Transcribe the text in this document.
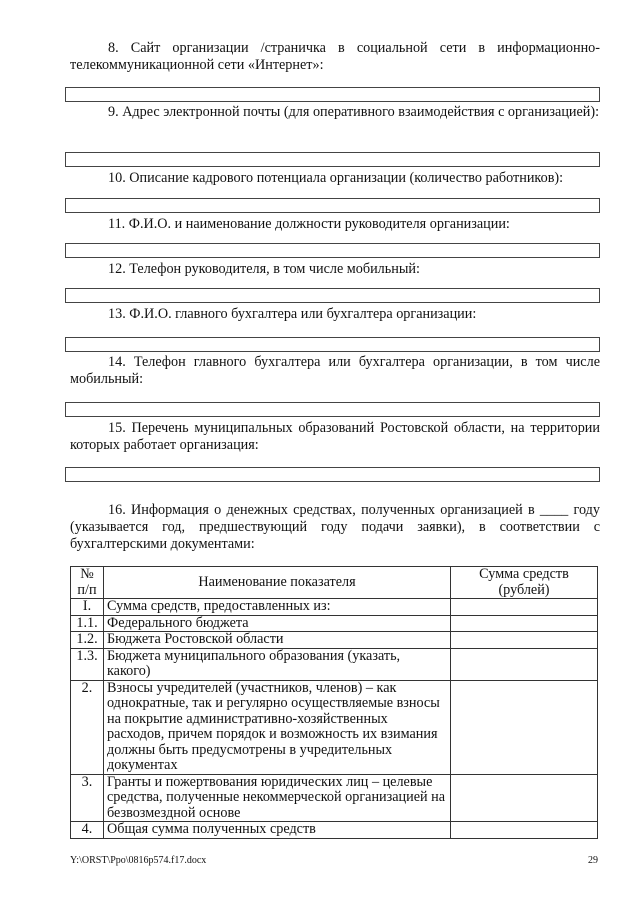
8. Сайт организации /страничка в социальной сети в информационно-телекоммуникационной сети «Интернет»:

9. Адрес электронной почты (для оперативного взаимодействия с организацией):

10. Описание кадрового потенциала организации (количество работников):

11. Ф.И.О. и наименование должности руководителя организации:

12. Телефон руководителя, в том числе мобильный:

13. Ф.И.О. главного бухгалтера или бухгалтера организации:

14. Телефон главного бухгалтера или бухгалтера организации, в том числе мобильный:

15. Перечень муниципальных образований Ростовской области, на территории которых работает организация:

16. Информация о денежных средствах, полученных организацией в ____ году (указывается год, предшествующий году подачи заявки), в соответствии с бухгалтерскими документами:

№ п/п	Наименование показателя	Сумма средств (рублей)
I.	Сумма средств, предоставленных из:	
1.1.	Федерального бюджета	
1.2.	Бюджета Ростовской области	
1.3.	Бюджета муниципального образования (указать, какого)	
2.	Взносы учредителей (участников, членов) – как однократные, так и регулярно осуществляемые взносы на покрытие административно-хозяйственных расходов, причем порядок и возможность их взимания должны быть предусмотрены в учредительных документах	
3.	Гранты и пожертвования юридических лиц – целевые средства, полученные некоммерческой организацией на безвозмездной основе	
4.	Общая сумма полученных средств	
Y:\ORST\Ppo\0816p574.f17.docx	29
